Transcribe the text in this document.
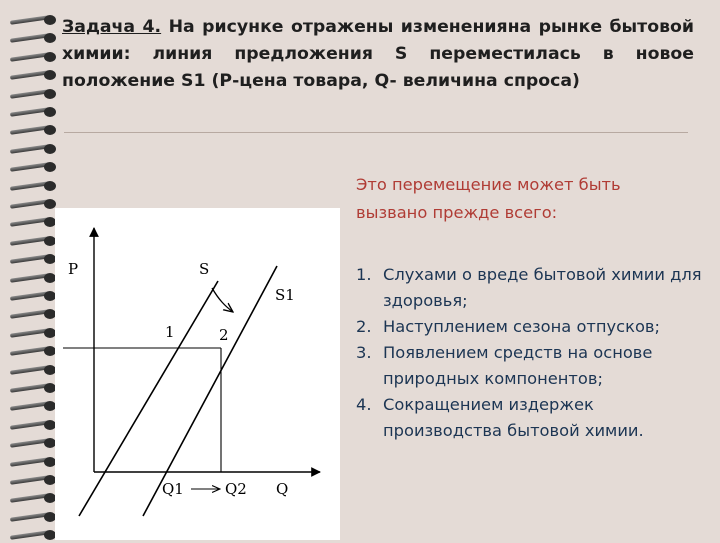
Задача 4. На рисунке отражены измененияна рынке бытовой химии: линия предложения S переместилась в новое положение S1 (Р-цена товара, Q- величина спроса)

P	S
S1
1	2
Q1	Q2 Q

Это перемещение может быть вызвано прежде всего:

1. Слухами о вреде бытовой химии для здоровья;
2. Наступлением сезона отпусков;
3. Появлением средств на основе природных компонентов;
4. Сокращением издержек производства бытовой химии.
